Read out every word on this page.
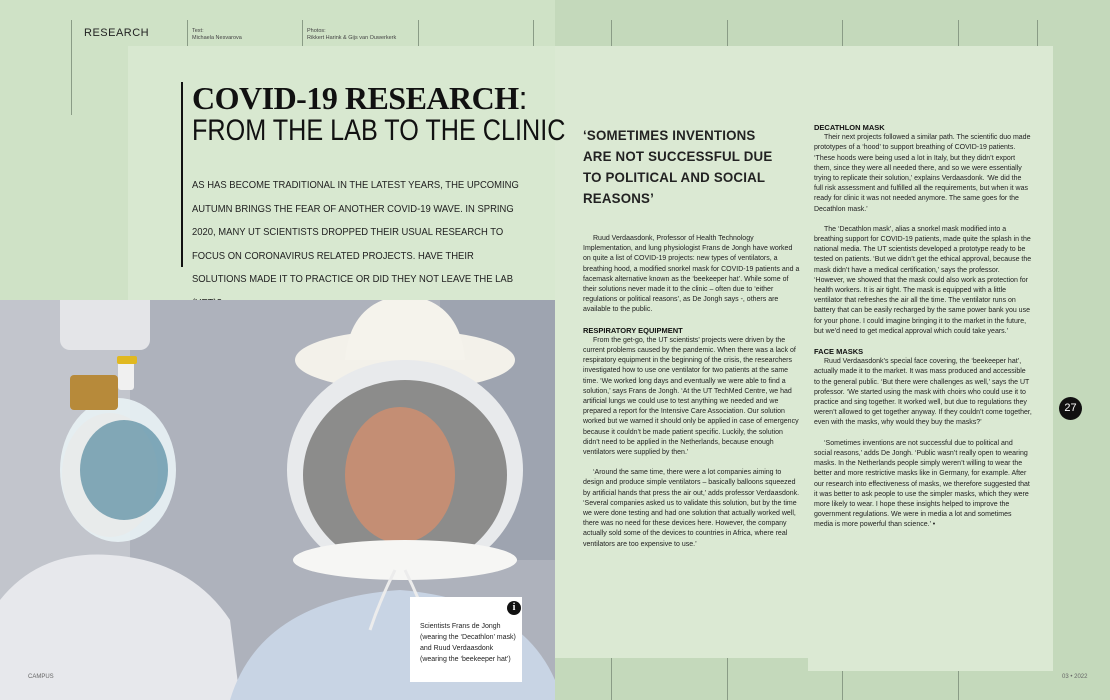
RESEARCH	Text:
Michaela Nesvarova
Photos:
Rikkert Harink & Gijs van Ouwerkerk
COVID-19 RESEARCH:
FROM THE LAB TO THE CLINIC
AS HAS BECOME TRADITIONAL IN THE LATEST YEARS, THE UPCOMING AUTUMN BRINGS THE FEAR OF ANOTHER COVID-19 WAVE. IN SPRING 2020, MANY UT SCIENTISTS DROPPED THEIR USUAL RESEARCH TO FOCUS ON CORONAVIRUS RELATED PROJECTS. HAVE THEIR SOLUTIONS MADE IT TO PRACTICE OR DID THEY NOT LEAVE THE LAB
i
Scientists Frans de Jongh (wearing the ‘Decathlon’ mask) and Ruud Verdaasdonk (wearing the ‘beekeeper hat’)
‘SOMETIMES INVENTIONS ARE NOT SUCCESSFUL DUE TO POLITICAL AND SOCIAL REASONS’

Ruud Verdaasdonk, Professor of Health Technology Implementation, and lung physiologist Frans de Jongh have worked on quite a list of COVID-19 projects: new types of ventilators, a breathing hood, a modified snorkel mask for COVID-19 patients and a facemask alternative known as the ‘beekeeper hat’. While some of their solutions never made it to the clinic – often due to ‘either regulations or political reasons’, as De Jongh says -, others are available to the public.

RESPIRATORY EQUIPMENT

From the get-go, the UT scientists’ projects were driven by the current problems caused by the pandemic. When there was a lack of respiratory equipment in the beginning of the crisis, the researchers investigated how to use one ventilator for two patients at the same time. ‘We worked long days and eventually we were able to find a solution,’ says Frans de Jongh. ‘At the UT TechMed Centre, we had artificial lungs we could use to test anything we needed and we prepared a report for the Intensive Care Association. Our solution worked but we warned it should only be applied in case of emergency because it couldn’t be made patient specific. Luckily, the solution didn’t need to be applied in the Netherlands, because enough ventilators were supplied by then.’

‘Around the same time, there were a lot companies aiming to design and produce simple ventilators – basically balloons squeezed by artificial hands that press the air out,’ adds professor Verdaasdonk. ‘Several companies asked us to validate this solution, but by the time we were done testing and had one solution that actually worked well, there was no need for these devices here. However, the company actually sold some of the devices to countries in Africa, where real ventilators are too expensive to use.’

DECATHLON MASK

Their next projects followed a similar path. The scientific duo made prototypes of a ‘hood’ to support breathing of COVID-19 patients. ‘These hoods were being used a lot in Italy, but they didn’t export them, since they were all needed there, and so we were essentially trying to replicate their solution,’ explains Verdaasdonk. ‘We did the full risk assessment and fulfilled all the requirements, but when it was ready for clinic it was not needed anymore. The same goes for the Decathlon mask.’

The ‘Decathlon mask’, alias a snorkel mask modified into a breathing support for COVID-19 patients, made quite the splash in the national media. The UT scientists developed a prototype ready to be tested on patients. ‘But we didn’t get the ethical approval, because the mask didn’t have a medical certification,’ says the professor. ‘However, we showed that the mask could also work as protection for health workers. It is air tight. The mask is equipped with a little ventilator that refreshes the air all the time. The ventilator runs on battery that can be easily recharged by the same power bank you use for your phone. I could imagine bringing it to the market in the future, but we’d need to get medical approval which could take years.’

FACE MASKS

Ruud Verdaasdonk’s special face covering, the ‘beekeeper hat’, actually made it to the market. It was mass produced and accessible to the general public. ‘But there were challenges as well,’ says the UT professor. ‘We started using the mask with choirs who could use it to practice and sing together. It worked well, but due to regulations they weren’t allowed to get together anyway. If they couldn’t come together, even with the masks, why would they buy the masks?’

‘Sometimes inventions are not successful due to political and social reasons,’ adds De Jongh. ‘Public wasn’t really open to wearing masks. In the Netherlands people simply weren’t willing to wear the better and more restrictive masks like in Germany, for example. After our research into effectiveness of masks, we therefore suggested that it was better to ask people to use the simpler masks, which they were more likely to wear. I hope these insights helped to improve the government regulations. We were in media a lot and sometimes media is more powerful than science.’ •

27
CAMPUS	03 • 2022
